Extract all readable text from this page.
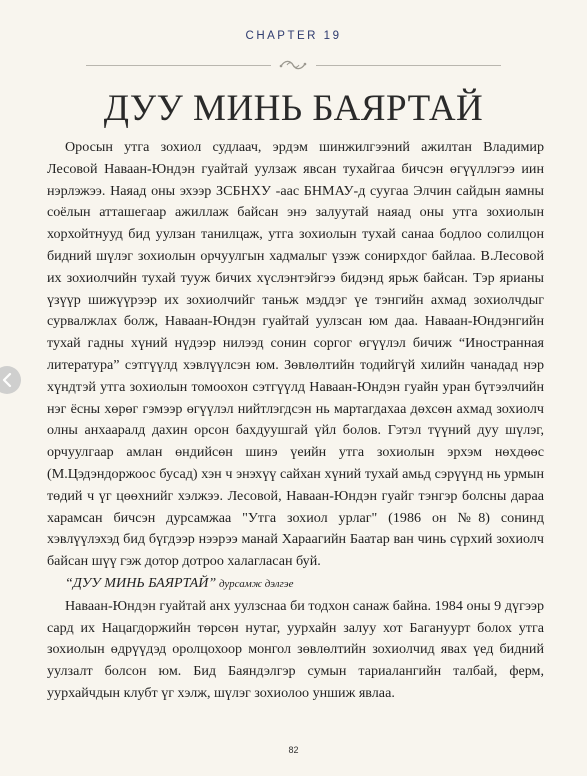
CHAPTER 19
ДУУ МИНЬ БАЯРТАЙ

Оросын утга зохиол судлаач, эрдэм шинжилгээний ажилтан Владимир Лесовой Наваан-Юндэн гуайтай уулзаж явсан тухайгаа бичсэн өгүүллэгээ иин нэрлэжээ. Наяад оны эхээр ЗСБНХУ -аас БНМАУ-д суугаа Элчин сайдын яамны соёлын атташегаар ажиллаж байсан энэ залуутай наяад оны утга зохиолын хорхойтнууд бид уулзан танилцаж, утга зохиолын тухай санаа бодлоо солилцон бидний шүлэг зохиолын орчуулгын хадмалыг үзэж сонирхдог байлаа. В.Лесовой их зохиолчийн тухай тууж бичих хүслэнтэйгээ бидэнд ярьж байсан. Тэр ярианы үзүүр шижүүрээр их зохиолчийг таньж мэддэг үе тэнгийн ахмад зохиолчдыг сурвалжлах болж, Наваан-Юндэн гуайтай уулзсан юм даа. Наваан-Юндэнгийн тухай гадны хүний нүдээр нилээд сонин соргог өгүүлэл бичиж “Иностранная литература” сэтгүүлд хэвлүүлсэн юм. Зөвлөлтийн тодийгүй хилийн чанадад нэр хүндтэй утга зохиолын томоохон сэтгүүлд Наваан-Юндэн гуайн уран бүтээлчийн нэг ёсны хөрөг гэмээр өгүүлэл нийтлэгдсэн нь мартагдахаа дөхсөн ахмад зохиолч олны анхааралд дахин орсон бахдуушгай үйл болов. Гэтэл түүний дуу шүлэг, орчуулгаар амлан өндийсөн шинэ үеийн утга зохиолын эрхэм нөхдөөс (М.Цэдэндоржоос бусад) хэн ч энэхүү сайхан хүний тухай амьд сэрүүнд нь урмын төдий ч үг цөөхнийг хэлжээ. Лесовой, Наваан-Юндэн гуайг тэнгэр болсны дараа харамсан бичсэн дурсамжаа "Утга зохиол урлаг" (1986 он №8) сонинд хэвлүүлэхэд бид бүгдээр нээрээ манай Харaaгийн Баатар ван чинь сүрхий зохиолч байсан шүү гэж дотор дотроо халагласан буй.

“ДУУ МИНЬ БАЯРТАЙ” дурсамж дэлгэе

Наваан-Юндэн гуайтай анх уулзснаа би тодхон санаж байна. 1984 оны 9 дүгээр сард их Нацагдоржийн төрсөн нутаг, уурхайн залуу хот Багануурт болох утга зохиолын өдрүүдэд оролцохоор монгол зөвлөлтийн зохиолчид явах үед бидний уулзалт болсон юм. Бид Баяндэлгэр сумын тариалангийн талбай, ферм, уурхайчдын клубт үг хэлж, шүлэг зохиолоо уншиж явлаа.

82
